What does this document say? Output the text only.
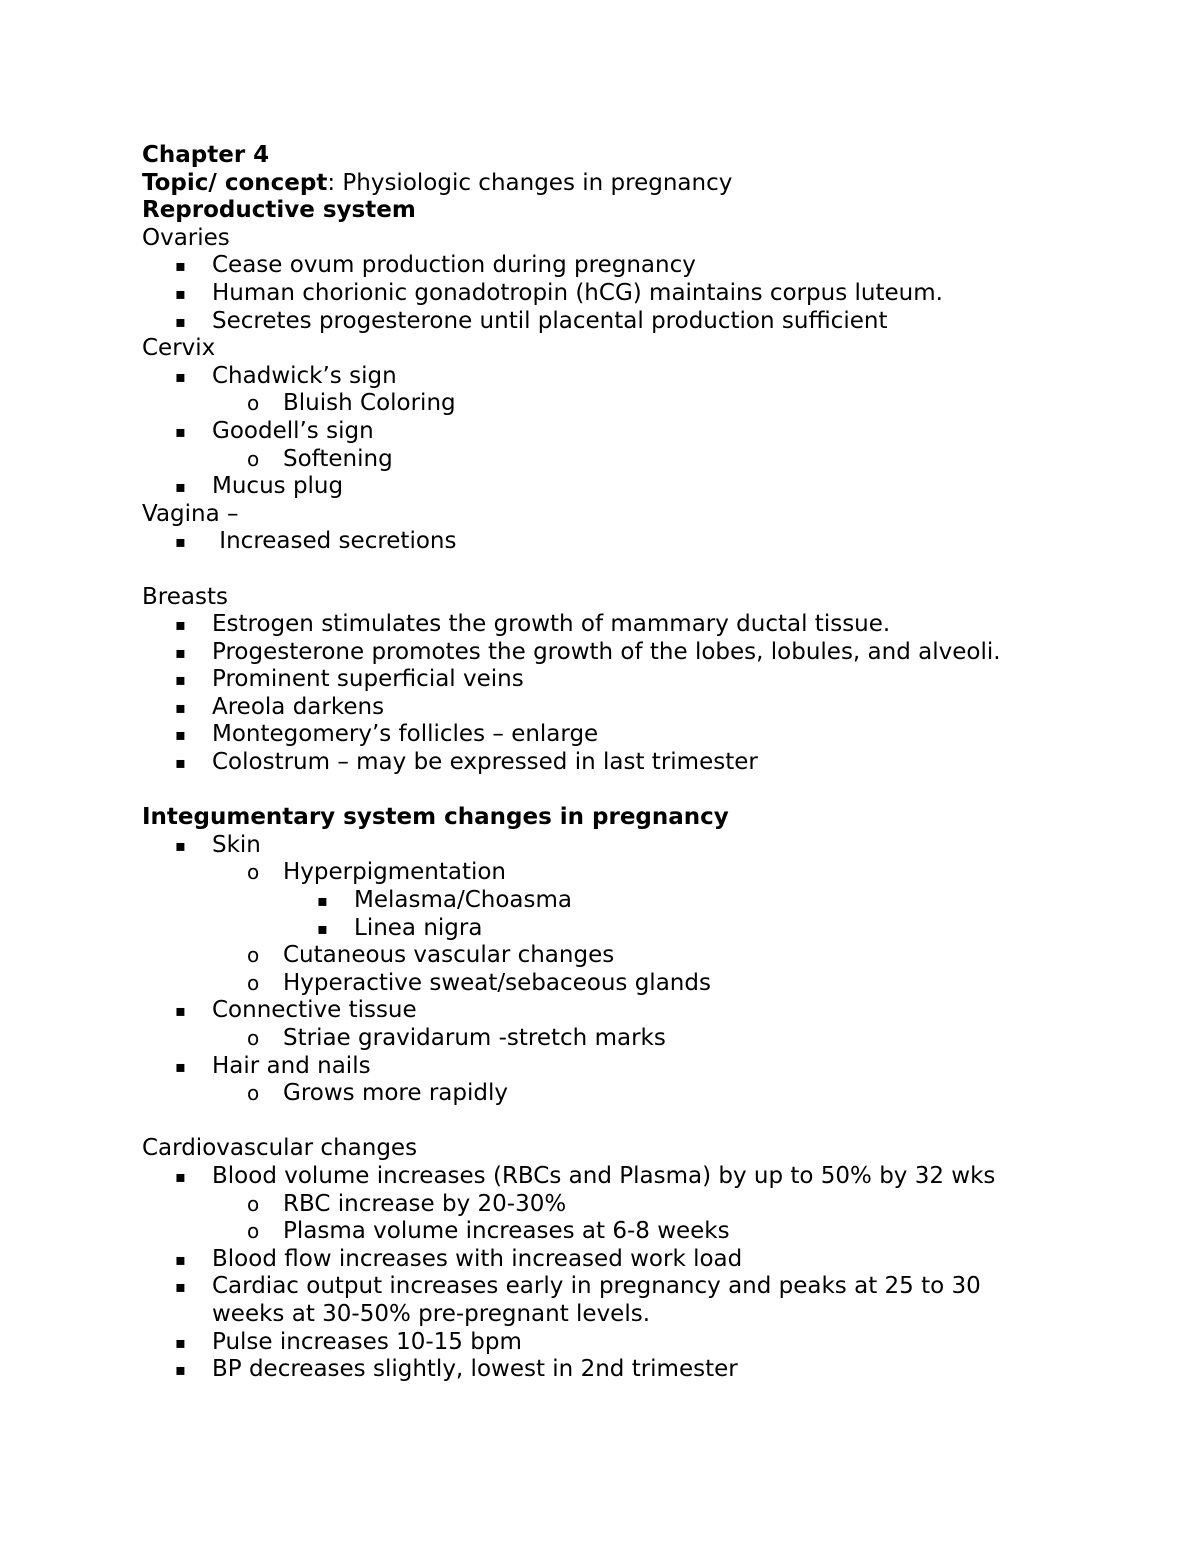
Chapter 4
Topic/ concept: Physiologic changes in pregnancy
Reproductive system
Ovaries
▪ Cease ovum production during pregnancy
▪ Human chorionic gonadotropin (hCG) maintains corpus luteum.
▪ Secretes progesterone until placental production sufficient
Cervix
▪ Chadwick’s sign
o Bluish Coloring
▪ Goodell’s sign
o Softening
▪ Mucus plug
Vagina –
▪ Increased secretions
Breasts
▪ Estrogen stimulates the growth of mammary ductal tissue.
▪ Progesterone promotes the growth of the lobes, lobules, and alveoli.
▪ Prominent superficial veins
▪ Areola darkens
▪ Montegomery’s follicles – enlarge
▪ Colostrum – may be expressed in last trimester
Integumentary system changes in pregnancy
▪ Skin
o Hyperpigmentation
▪ Melasma/Choasma
▪ Linea nigra
o Cutaneous vascular changes
o Hyperactive sweat/sebaceous glands
▪ Connective tissue
o Striae gravidarum -stretch marks
▪ Hair and nails
o Grows more rapidly
Cardiovascular changes
▪ Blood volume increases (RBCs and Plasma) by up to 50% by 32 wks
o RBC increase by 20-30%
o Plasma volume increases at 6-8 weeks
▪ Blood flow increases with increased work load
▪ Cardiac output increases early in pregnancy and peaks at 25 to 30
weeks at 30-50% pre-pregnant levels.
▪ Pulse increases 10-15 bpm
▪ BP decreases slightly, lowest in 2nd trimester
